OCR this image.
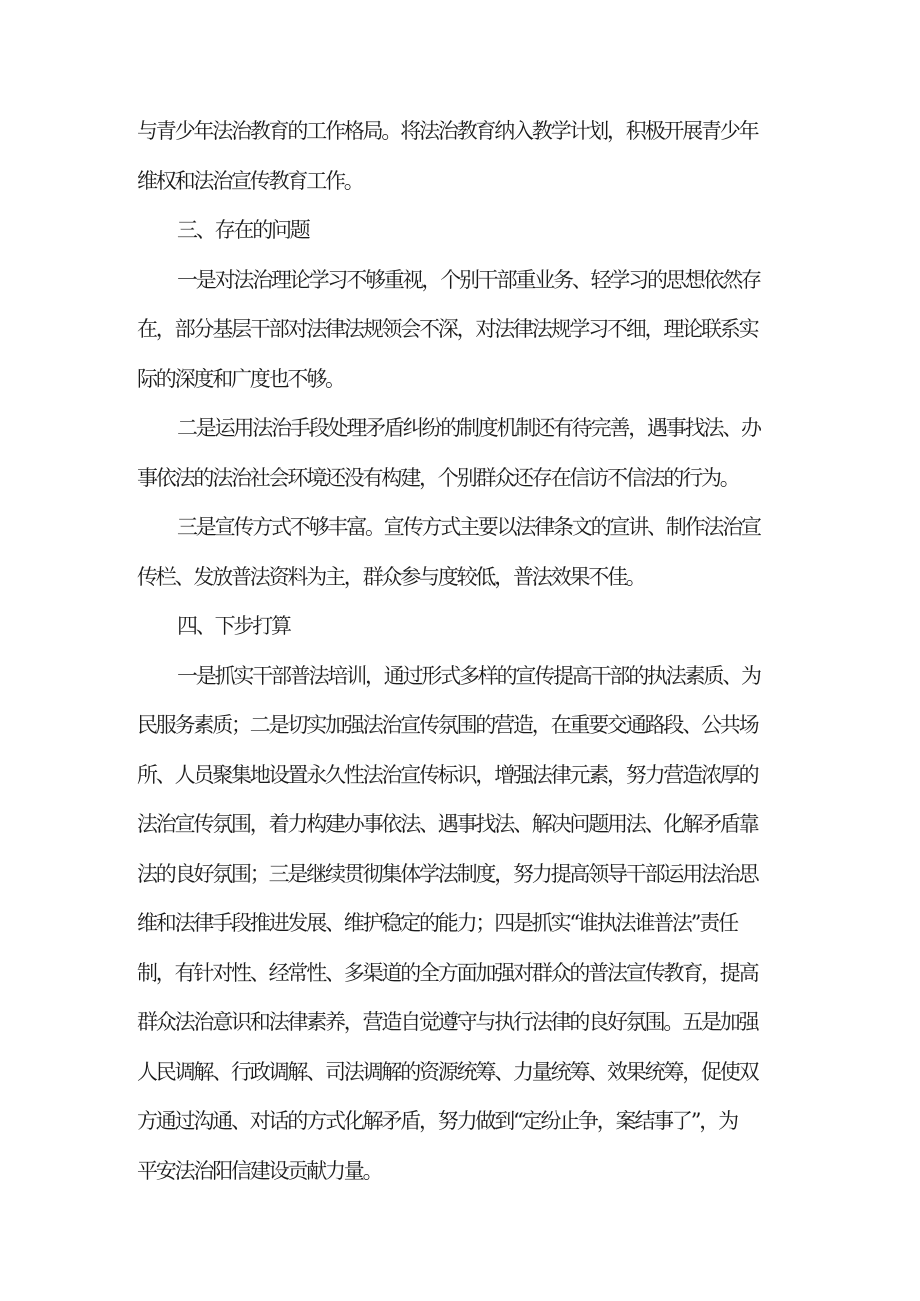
与青少年法治教育的工作格局。将法治教育纳入教学计划，积极开展青少年
维权和法治宣传教育工作。
三、存在的问题
一是对法治理论学习不够重视，个别干部重业务、轻学习的思想依然存
在，部分基层干部对法律法规领会不深，对法律法规学习不细，理论联系实
际的深度和广度也不够。
二是运用法治手段处理矛盾纠纷的制度机制还有待完善，遇事找法、办
事依法的法治社会环境还没有构建，个别群众还存在信访不信法的行为。
三是宣传方式不够丰富。宣传方式主要以法律条文的宣讲、制作法治宣
传栏、发放普法资料为主，群众参与度较低，普法效果不佳。
四、下步打算
一是抓实干部普法培训，通过形式多样的宣传提高干部的执法素质、为
民服务素质；二是切实加强法治宣传氛围的营造，在重要交通路段、公共场
所、人员聚集地设置永久性法治宣传标识，增强法律元素，努力营造浓厚的
法治宣传氛围，着力构建办事依法、遇事找法、解决问题用法、化解矛盾靠
法的良好氛围；三是继续贯彻集体学法制度，努力提高领导干部运用法治思
维和法律手段推进发展、维护稳定的能力；四是抓实“谁执法谁普法”责任
制，有针对性、经常性、多渠道的全方面加强对群众的普法宣传教育，提高
群众法治意识和法律素养，营造自觉遵守与执行法律的良好氛围。五是加强
人民调解、行政调解、司法调解的资源统筹、力量统筹、效果统筹，促使双
方通过沟通、对话的方式化解矛盾，努力做到“定纷止争，案结事了”，为
平安法治阳信建设贡献力量。
